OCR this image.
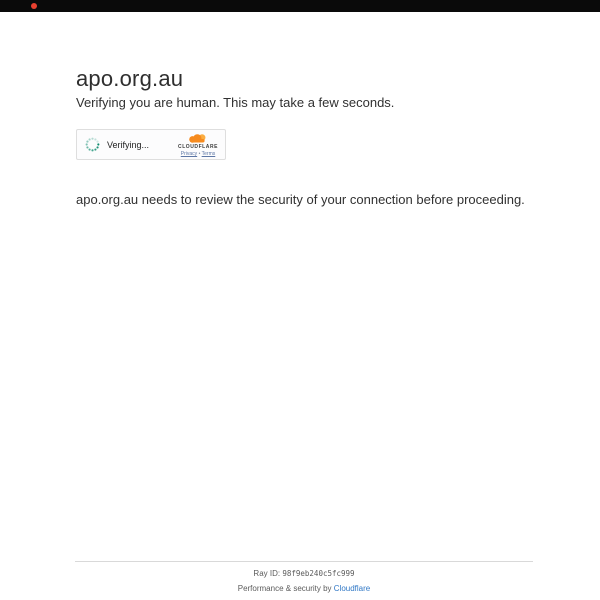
apo.org.au

Verifying you are human. This may take a few seconds.

Verifying...	CLOUDFLARE
Privacy • Terms

apo.org.au needs to review the security of your connection before proceeding.

Ray ID: 98f9eb240c5fc999
Performance & security by Cloudflare
